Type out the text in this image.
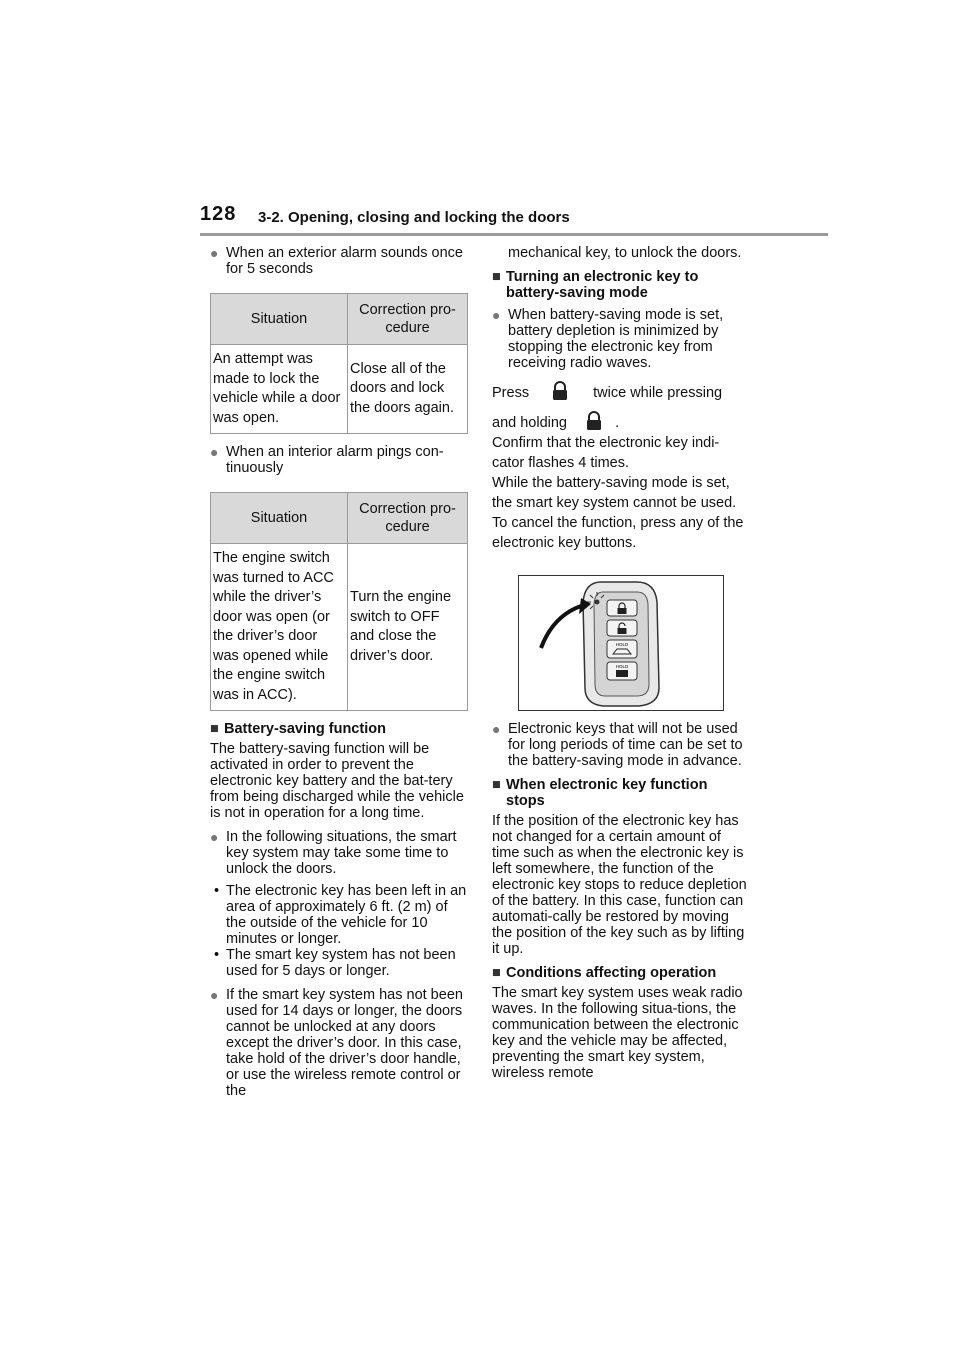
128 3-2. Opening, closing and locking the doors
● When an exterior alarm sounds once for 5 seconds
Situation	Correction pro-cedure
An attempt was made to lock the vehicle while a door was open.	Close all of the doors and lock the doors again.
● When an interior alarm pings con-tinuously
Situation	Correction pro-cedure
The engine switch was turned to ACC while the driver’s door was open (or the driver’s door was opened while the engine switch was in ACC).	Turn the engine switch to OFF and close the driver’s door.
■ Battery-saving function

The battery-saving function will be activated in order to prevent the electronic key battery and the bat-tery from being discharged while the vehicle is not in operation for a long time.

● In the following situations, the smart key system may take some time to unlock the doors.
• The electronic key has been left in an area of approximately 6 ft. (2 m) of the outside of the vehicle for 10 minutes or longer.
• The smart key system has not been used for 5 days or longer.
● If the smart key system has not been used for 14 days or longer, the doors cannot be unlocked at any doors except the driver’s door. In this case, take hold of the driver’s door handle, or use the wireless remote control or the
mechanical key, to unlock the doors.
■ Turning an electronic key to battery-saving mode
● When battery-saving mode is set, battery depletion is minimized by stopping the electronic key from receiving radio waves.
Press	twice while pressing
and holding	.
Confirm that the electronic key indi-cator flashes 4 times.
While the battery-saving mode is set, the smart key system cannot be used. To cancel the function, press any of the electronic key buttons.
HOLD
HOLD
● Electronic keys that will not be used for long periods of time can be set to the battery-saving mode in advance.
■ When electronic key function stops

If the position of the electronic key has not changed for a certain amount of time such as when the electronic key is left somewhere, the function of the electronic key stops to reduce depletion of the battery. In this case, function can automati-cally be restored by moving the position of the key such as by lifting it up.

■ Conditions affecting operation

The smart key system uses weak radio waves. In the following situa-tions, the communication between the electronic key and the vehicle may be affected, preventing the smart key system, wireless remote
